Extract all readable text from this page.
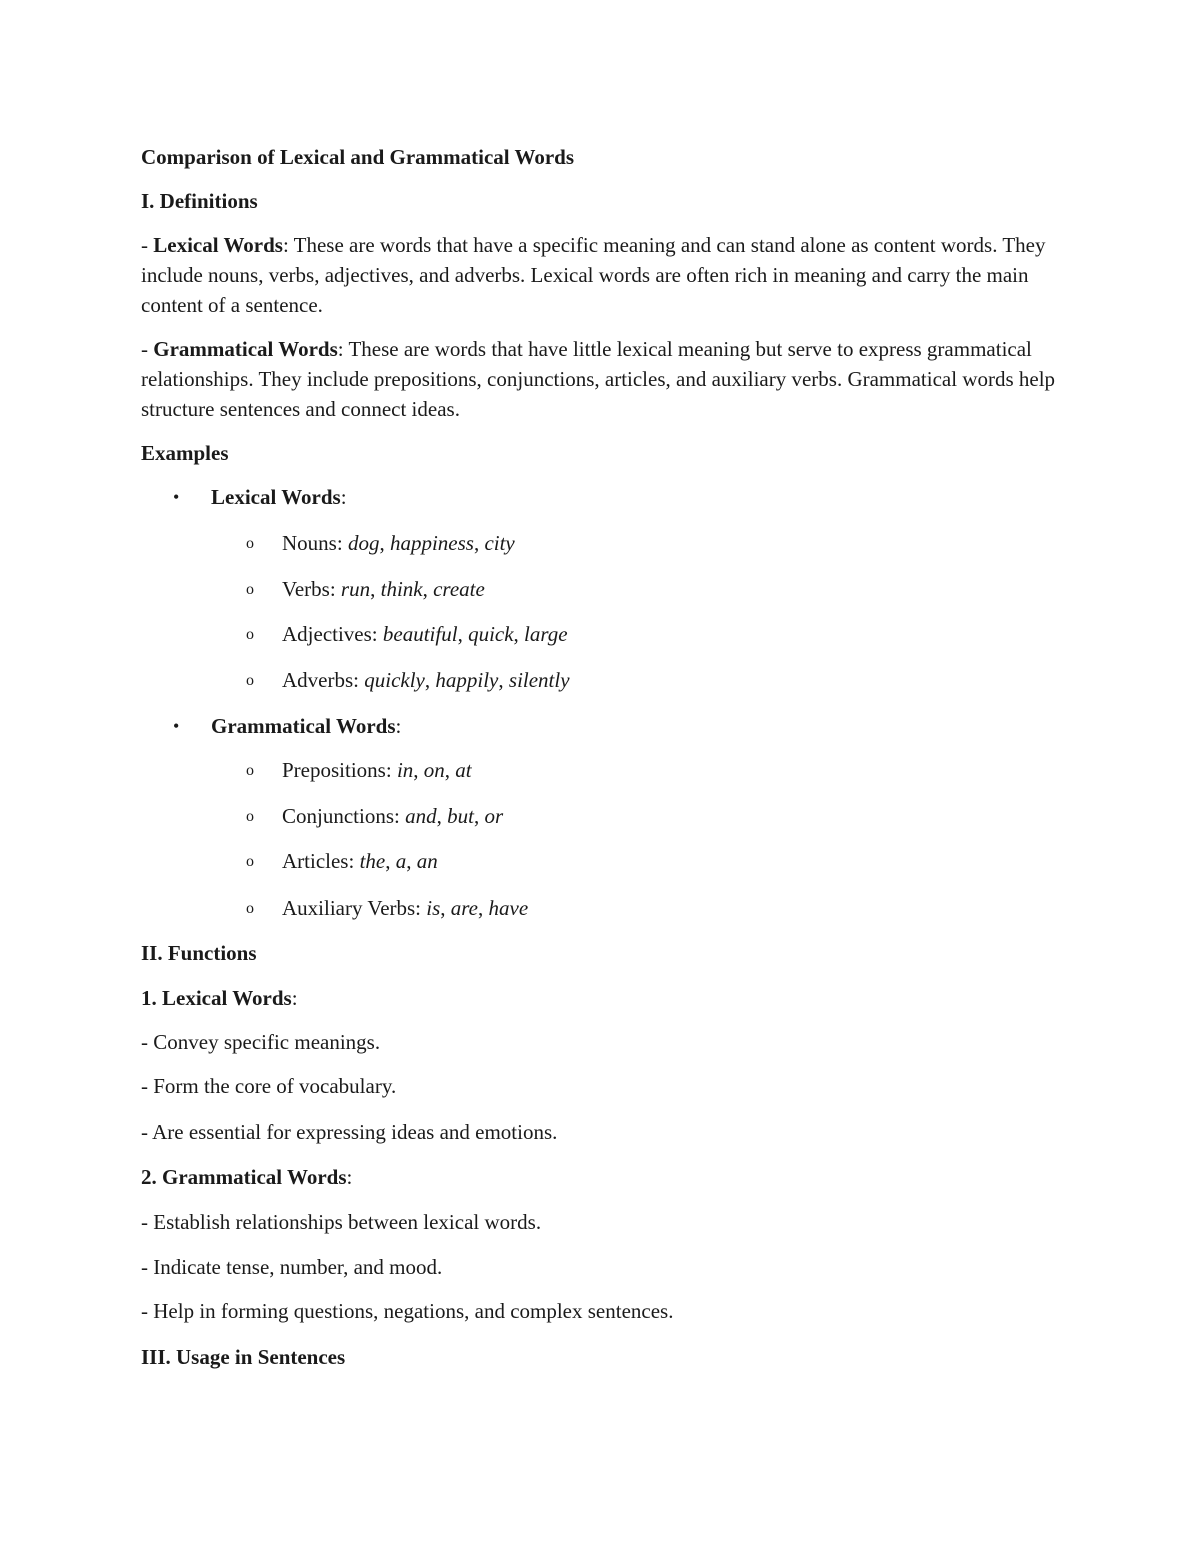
Comparison of Lexical and Grammatical Words

I. Definitions

- Lexical Words: These are words that have a specific meaning and can stand alone as content words. They include nouns, verbs, adjectives, and adverbs. Lexical words are often rich in meaning and carry the main content of a sentence.

- Grammatical Words: These are words that have little lexical meaning but serve to express grammatical relationships. They include prepositions, conjunctions, articles, and auxiliary verbs. Grammatical words help structure sentences and connect ideas.

Examples

• Lexical Words:

o Nouns: dog, happiness, city

o Verbs: run, think, create

o Adjectives: beautiful, quick, large

o Adverbs: quickly, happily, silently

• Grammatical Words:

o Prepositions: in, on, at

o Conjunctions: and, but, or

o Articles: the, a, an

o Auxiliary Verbs: is, are, have

II. Functions

1. Lexical Words:

- Convey specific meanings.

- Form the core of vocabulary.

- Are essential for expressing ideas and emotions.

2. Grammatical Words:

- Establish relationships between lexical words.

- Indicate tense, number, and mood.

- Help in forming questions, negations, and complex sentences.

III. Usage in Sentences
